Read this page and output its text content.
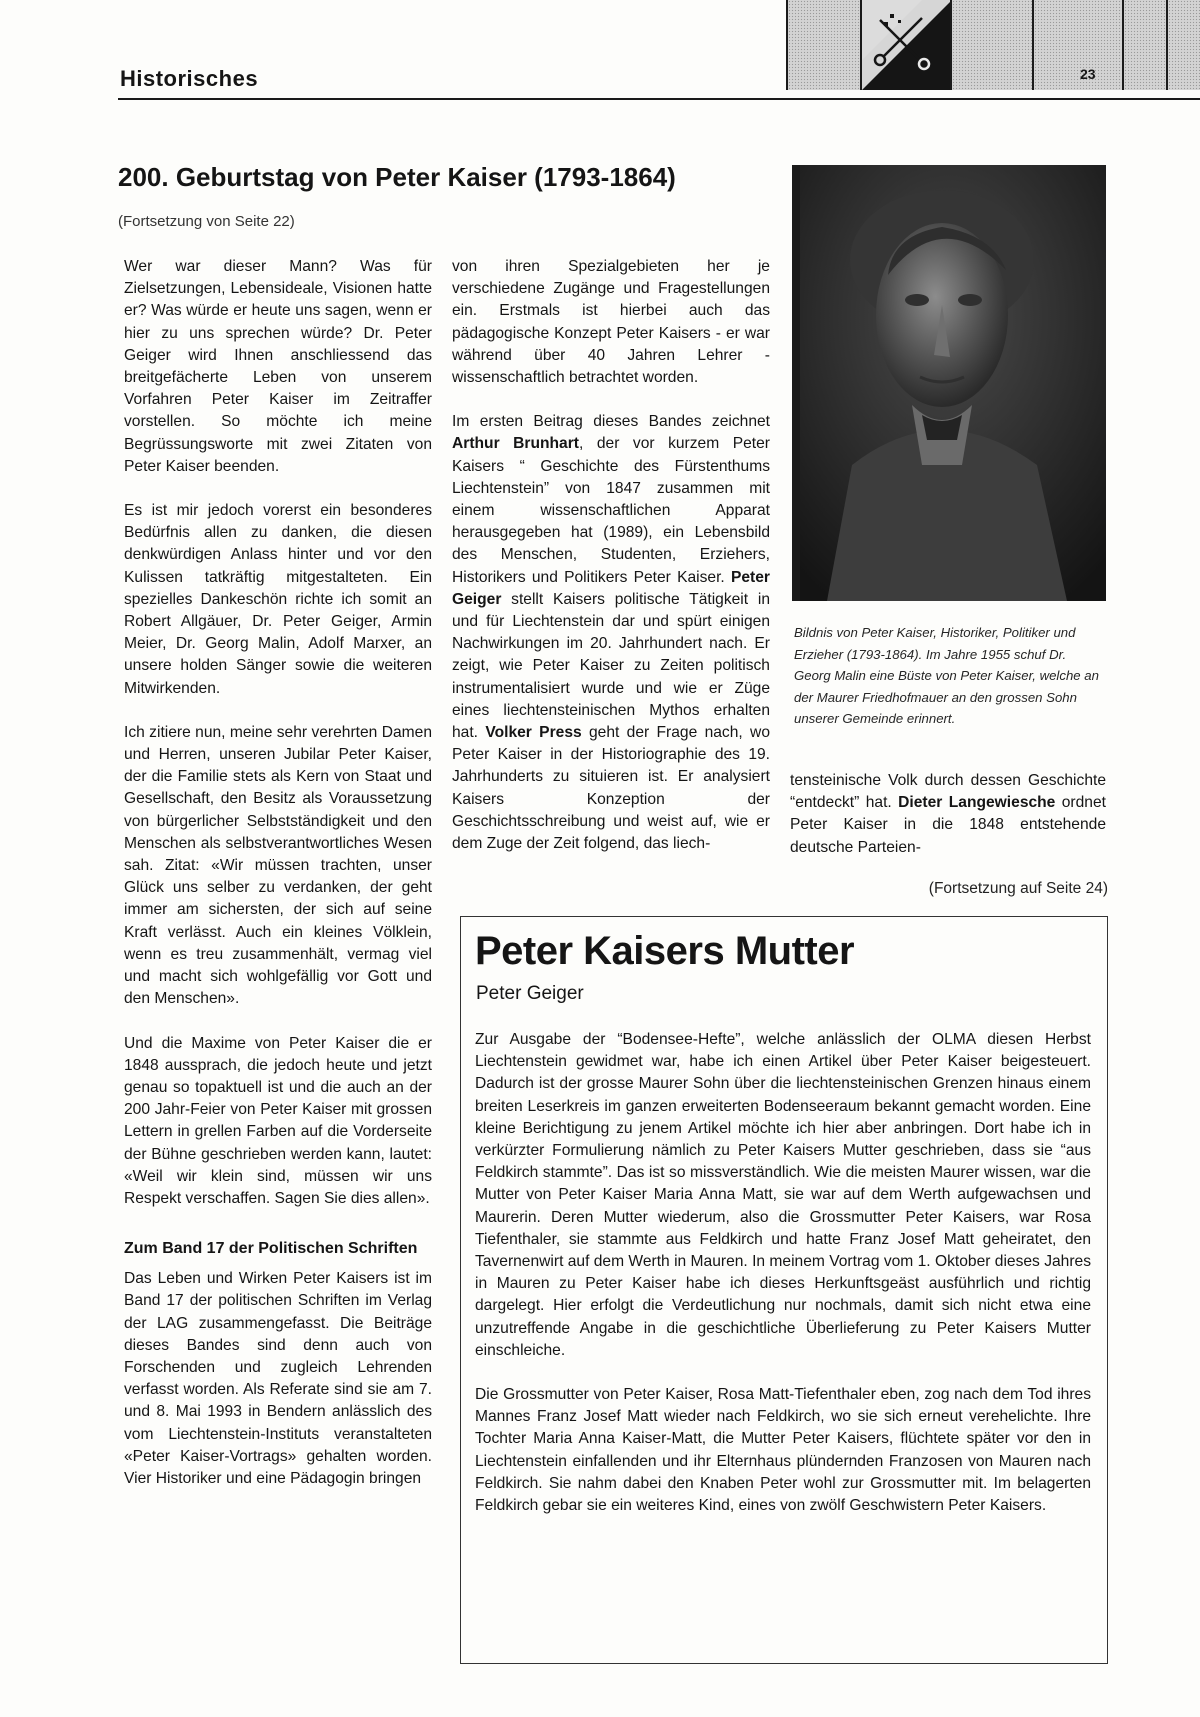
Historisches	23
200. Geburtstag von Peter Kaiser (1793-1864)
(Fortsetzung von Seite 22)

Wer war dieser Mann? Was für Zielsetzungen, Lebensideale, Visionen hatte er? Was würde er heute uns sagen, wenn er hier zu uns sprechen würde? Dr. Peter Geiger wird Ihnen anschliessend das breitgefächerte Leben von unserem Vorfahren Peter Kaiser im Zeitraffer vorstellen. So möchte ich meine Begrüssungsworte mit zwei Zitaten von Peter Kaiser beenden.

Es ist mir jedoch vorerst ein besonderes Bedürfnis allen zu danken, die diesen denkwürdigen Anlass hinter und vor den Kulissen tatkräftig mitgestalteten. Ein spezielles Dankeschön richte ich somit an Robert Allgäuer, Dr. Peter Geiger, Armin Meier, Dr. Georg Malin, Adolf Marxer, an unsere holden Sänger sowie die weiteren Mitwirkenden.

Ich zitiere nun, meine sehr verehrten Damen und Herren, unseren Jubilar Peter Kaiser, der die Familie stets als Kern von Staat und Gesellschaft, den Besitz als Voraussetzung von bürgerlicher Selbstständigkeit und den Menschen als selbstverantwortliches Wesen sah. Zitat: «Wir müssen trachten, unser Glück uns selber zu verdanken, der geht immer am sichersten, der sich auf seine Kraft verlässt. Auch ein kleines Völklein, wenn es treu zusammenhält, vermag viel und macht sich wohlgefällig vor Gott und den Menschen».

Und die Maxime von Peter Kaiser die er 1848 aussprach, die jedoch heute und jetzt genau so topaktuell ist und die auch an der 200 Jahr-Feier von Peter Kaiser mit grossen Lettern in grellen Farben auf die Vorderseite der Bühne geschrieben werden kann, lautet: «Weil wir klein sind, müssen wir uns Respekt verschaffen. Sagen Sie dies allen».

Zum Band 17 der Politischen Schriften

Das Leben und Wirken Peter Kaisers ist im Band 17 der politischen Schriften im Verlag der LAG zusammengefasst. Die Beiträge dieses Bandes sind denn auch von Forschenden und zugleich Lehrenden verfasst worden. Als Referate sind sie am 7. und 8. Mai 1993 in Bendern anlässlich des vom Liechtenstein-Instituts veranstalteten «Peter Kaiser-Vortrags» gehalten worden. Vier Historiker und eine Pädagogin bringen

von ihren Spezialgebieten her je verschiedene Zugänge und Fragestellungen ein. Erstmals ist hierbei auch das pädagogische Konzept Peter Kaisers - er war während über 40 Jahren Lehrer - wissenschaftlich betrachtet worden.

Im ersten Beitrag dieses Bandes zeichnet Arthur Brunhart, der vor kurzem Peter Kaisers “ Geschichte des Fürstenthums Liechtenstein” von 1847 zusammen mit einem wissenschaftlichen Apparat herausgegeben hat (1989), ein Lebensbild des Menschen, Studenten, Erziehers, Historikers und Politikers Peter Kaiser. Peter Geiger stellt Kaisers politische Tätigkeit in und für Liechtenstein dar und spürt einigen Nachwirkungen im 20. Jahrhundert nach. Er zeigt, wie Peter Kaiser zu Zeiten politisch instrumentalisiert wurde und wie er Züge eines liechtensteinischen Mythos erhalten hat. Volker Press geht der Frage nach, wo Peter Kaiser in der Historiographie des 19. Jahrhunderts zu situieren ist. Er analysiert Kaisers Konzeption der Geschichtsschreibung und weist auf, wie er dem Zuge der Zeit folgend, das liech-

Bildnis von Peter Kaiser, Historiker, Politiker und Erzieher (1793-1864). Im Jahre 1955 schuf Dr. Georg Malin eine Büste von Peter Kaiser, welche an der Maurer Friedhofmauer an den grossen Sohn unserer Gemeinde erinnert.

tensteinische Volk durch dessen Geschichte “entdeckt” hat. Dieter Langewiesche ordnet Peter Kaiser in die 1848 entstehende deutsche Parteien-

(Fortsetzung auf Seite 24)
Peter Kaisers Mutter
Peter Geiger

Zur Ausgabe der “Bodensee-Hefte”, welche anlässlich der OLMA diesen Herbst Liechtenstein gewidmet war, habe ich einen Artikel über Peter Kaiser beigesteuert. Dadurch ist der grosse Maurer Sohn über die liechtensteinischen Grenzen hinaus einem breiten Leserkreis im ganzen erweiterten Bodenseeraum bekannt gemacht worden. Eine kleine Berichtigung zu jenem Artikel möchte ich hier aber anbringen. Dort habe ich in verkürzter Formulierung nämlich zu Peter Kaisers Mutter geschrieben, dass sie “aus Feldkirch stammte”. Das ist so missverständlich. Wie die meisten Maurer wissen, war die Mutter von Peter Kaiser Maria Anna Matt, sie war auf dem Werth aufgewachsen und Maurerin. Deren Mutter wiederum, also die Grossmutter Peter Kaisers, war Rosa Tiefenthaler, sie stammte aus Feldkirch und hatte Franz Josef Matt geheiratet, den Tavernenwirt auf dem Werth in Mauren. In meinem Vortrag vom 1. Oktober dieses Jahres in Mauren zu Peter Kaiser habe ich dieses Herkunftsgeäst ausführlich und richtig dargelegt. Hier erfolgt die Verdeutlichung nur nochmals, damit sich nicht etwa eine unzutreffende Angabe in die geschichtliche Überlieferung zu Peter Kaisers Mutter einschleiche.

Die Grossmutter von Peter Kaiser, Rosa Matt-Tiefenthaler eben, zog nach dem Tod ihres Mannes Franz Josef Matt wieder nach Feldkirch, wo sie sich erneut verehelichte. Ihre Tochter Maria Anna Kaiser-Matt, die Mutter Peter Kaisers, flüchtete später vor den in Liechtenstein einfallenden und ihr Elternhaus plündernden Franzosen von Mauren nach Feldkirch. Sie nahm dabei den Knaben Peter wohl zur Grossmutter mit. Im belagerten Feldkirch gebar sie ein weiteres Kind, eines von zwölf Geschwistern Peter Kaisers.
